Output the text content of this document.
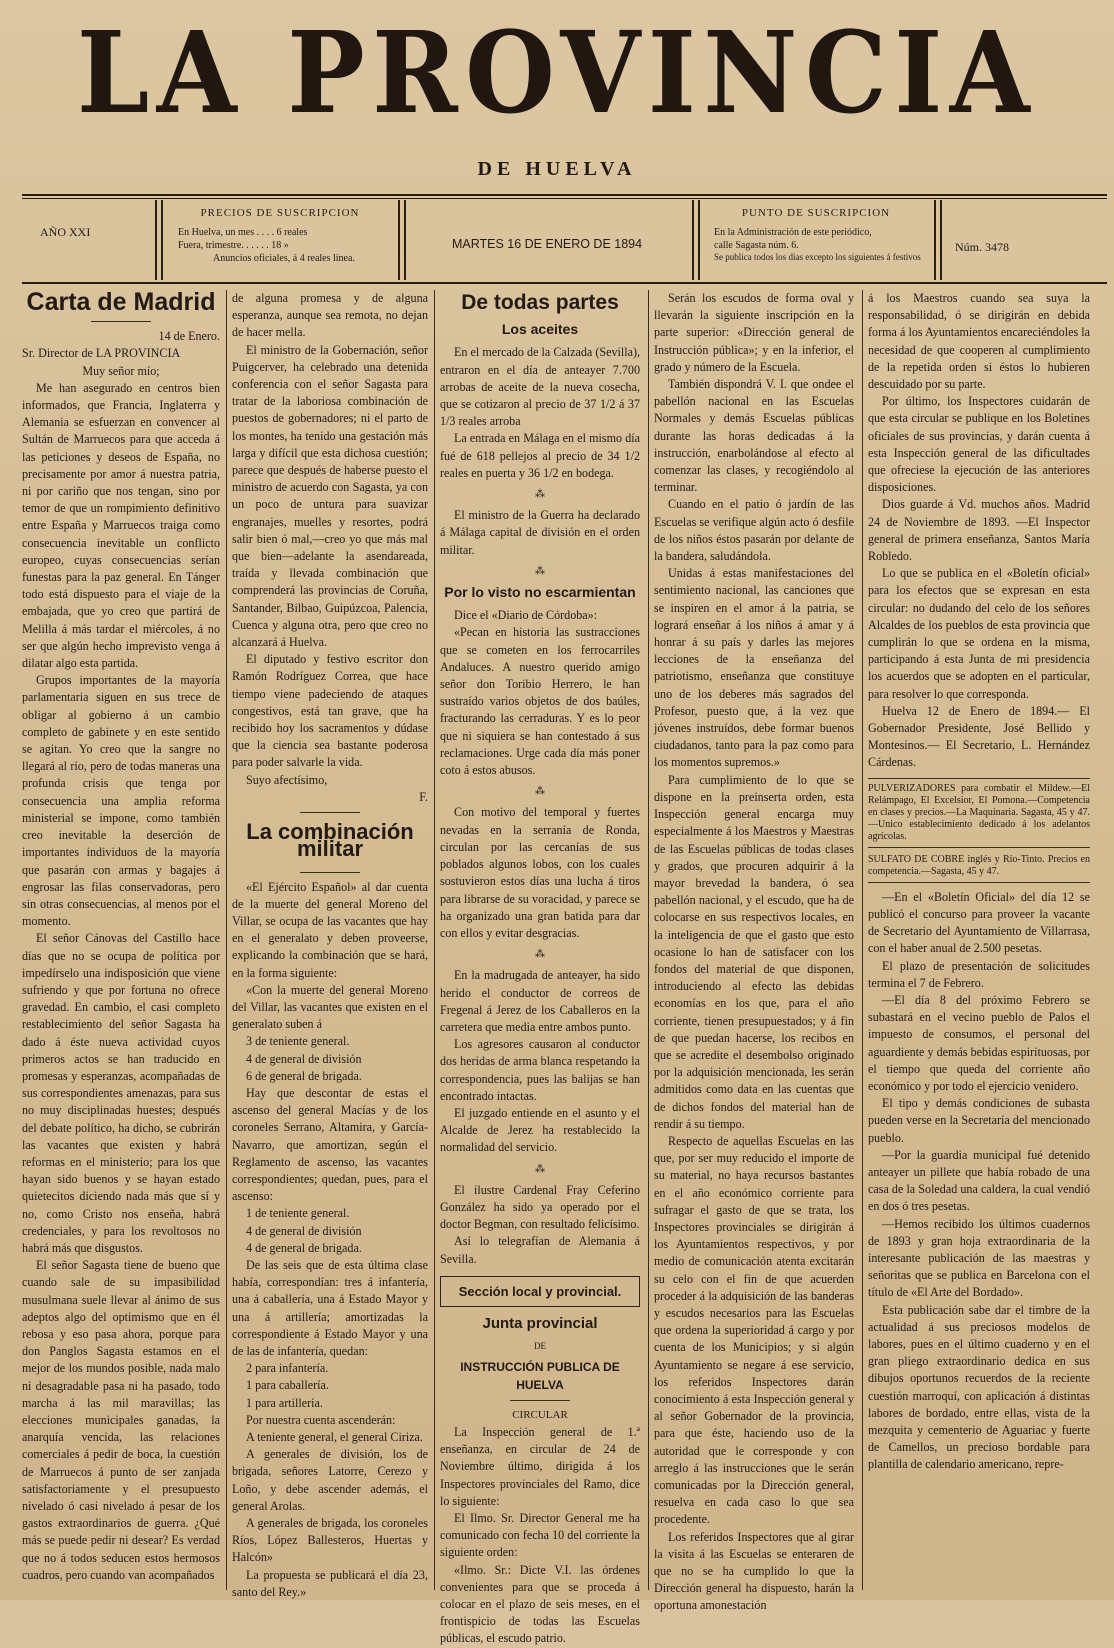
LA PROVINCIA
DE HUELVA
AÑO XXI
PRECIOS DE SUSCRIPCION
En Huelva, un mes . . . . 6 reales
Fuera, trimestre. . . . . . 18 »
Anuncios oficiales, á 4 reales línea.
MARTES 16 DE ENERO DE 1894
PUNTO DE SUSCRIPCION
En la Administración de este periódico,
calle Sagasta núm. 6.
Se publica todos los días excepto los siguientes á festivos
Núm. 3478
Carta de Madrid
14 de Enero.
Sr. Director de LA PROVINCIA
Muy señor mío;

Me han asegurado en centros bien informados, que Francia, Inglaterra y Alemania se esfuerzan en convencer al Sultán de Marruecos para que acceda á las peticiones y deseos de España, no precisamente por amor á nuestra patria, ni por cariño que nos tengan, sino por temor de que un rompimiento definitivo entre España y Marruecos traiga como consecuencia inevitable un conflicto europeo, cuyas consecuencias serían funestas para la paz general. En Tánger todo está dispuesto para el viaje de la embajada, que yo creo que partirá de Melilla á más tardar el miércoles, á no ser que algún hecho imprevisto venga á dilatar algo esta partida.

Grupos importantes de la mayoría parlamentaria siguen en sus trece de obligar al gobierno á un cambio completo de gabinete y en este sentido se agitan. Yo creo que la sangre no llegará al río, pero de todas maneras una profunda crisis que tenga por consecuencia una amplia reforma ministerial se impone, como también creo inevitable la deserción de importantes individuos de la mayoría que pasarán con armas y bagajes á engrosar las filas conservadoras, pero sin otras consecuencias, al menos por el momento.

El señor Cánovas del Castillo hace días que no se ocupa de política por impedírselo una indisposición que viene sufriendo y que por fortuna no ofrece gravedad. En cambio, el casi completo restablecimiento del señor Sagasta ha dado á éste nueva actividad cuyos primeros actos se han traducido en promesas y esperanzas, acompañadas de sus correspondientes amenazas, para sus no muy disciplinadas huestes; después del debate político, ha dicho, se cubrirán las vacantes que existen y habrá reformas en el ministerio; para los que hayan sido buenos y se hayan estado quietecitos diciendo nada más que sí y no, como Cristo nos enseña, habrá credenciales, y para los revoltosos no habrá más que disgustos.

El señor Sagasta tiene de bueno que cuando sale de su impasibilidad musulmana suele llevar al ánimo de sus adeptos algo del optimismo que en él rebosa y eso pasa ahora, porque para don Panglos Sagasta estamos en el mejor de los mundos posible, nada malo ni desagradable pasa ni ha pasado, todo marcha á las mil maravillas; las elecciones municipales ganadas, la anarquía vencida, las relaciones comerciales á pedir de boca, la cuestión de Marruecos á punto de ser zanjada satisfactoriamente y el presupuesto nivelado ó casi nivelado á pesar de los gastos extraordinarios de guerra. ¿Qué más se puede pedir ni desear? Es verdad que no á todos seducen estos hermosos cuadros, pero cuando van acompañados

de alguna promesa y de alguna esperanza, aunque sea remota, no dejan de hacer mella.

El ministro de la Gobernación, señor Puigcerver, ha celebrado una detenida conferencia con el señor Sagasta para tratar de la laboriosa combinación de puestos de gobernadores; ni el parto de los montes, ha tenido una gestación más larga y difícil que esta dichosa cuestión; parece que después de haberse puesto el ministro de acuerdo con Sagasta, ya con un poco de untura para suavizar engranajes, muelles y resortes, podrá salir bien ó mal,—creo yo que más mal que bien—adelante la asendareada, traída y llevada combinación que comprenderá las provincias de Coruña, Santander, Bilbao, Guipúzcoa, Palencia, Cuenca y alguna otra, pero que creo no alcanzará á Huelva.

El diputado y festivo escritor don Ramón Rodríguez Correa, que hace tiempo viene padeciendo de ataques congestivos, está tan grave, que ha recibido hoy los sacramentos y dúdase que la ciencia sea bastante poderosa para poder salvarle la vida.

Suyo afectísimo,

F.
La combinación militar

«El Ejército Español» al dar cuenta de la muerte del general Moreno del Villar, se ocupa de las vacantes que hay en el generalato y deben proveerse, explicando la combinación que se hará, en la forma siguiente:

«Con la muerte del general Moreno del Villar, las vacantes que existen en el generalato suben á

3 de teniente general.

4 de general de división

6 de general de brigada.

Hay que descontar de estas el ascenso del general Macías y de los coroneles Serrano, Altamira, y García-Navarro, que amortizan, según el Reglamento de ascenso, las vacantes correspondientes; quedan, pues, para el ascenso:

1 de teniente general.

4 de general de división

4 de general de brigada.

De las seis que de esta última clase había, correspondían: tres á infantería, una á caballería, una á Estado Mayor y una á artillería; amortizadas la correspondiente á Estado Mayor y una de las de infantería, quedan:

2 para infantería.

1 para caballería.

1 para artillería.

Por nuestra cuenta ascenderán:

A teniente general, el general Ciriza.

A generales de división, los de brigada, señores Latorre, Cerezo y Loño, y debe ascender además, el general Arolas.

A generales de brigada, los coroneles Ríos, López Ballesteros, Huertas y Halcón»

La propuesta se publicará el día 23, santo del Rey.»

De todas partes
Los aceites

En el mercado de la Calzada (Sevilla), entraron en el día de anteayer 7.700 arrobas de aceite de la nueva cosecha, que se cotizaron al precio de 37 1/2 á 37 1/3 reales arroba

La entrada en Málaga en el mismo día fué de 618 pellejos al precio de 34 1/2 reales en puerta y 36 1/2 en bodega.

⁂

El ministro de la Guerra ha declarado á Málaga capital de división en el orden militar.

⁂
Por lo visto no escarmientan

Dice el «Diario de Córdoba»:

«Pecan en historia las sustracciones que se cometen en los ferrocarriles Andaluces. A nuestro querido amigo señor don Toribio Herrero, le han sustraído varios objetos de dos baúles, fracturando las cerraduras. Y es lo peor que ni siquiera se han contestado á sus reclamaciones. Urge cada día más poner coto á estos abusos.

⁂

Con motivo del temporal y fuertes nevadas en la serranía de Ronda, circulan por las cercanías de sus poblados algunos lobos, con los cuales sostuvieron estos días una lucha á tiros para librarse de su voracidad, y parece se ha organizado una gran batida para dar con ellos y evitar desgracias.

⁂

En la madrugada de anteayer, ha sido herido el conductor de correos de Fregenal á Jerez de los Caballeros en la carretera que media entre ambos punto.

Los agresores causaron al conductor dos heridas de arma blanca respetando la correspondencia, pues las balijas se han encontrado intactas.

El juzgado entiende en el asunto y el Alcalde de Jerez ha restablecido la normalidad del servicio.

⁂

El ilustre Cardenal Fray Ceferino González ha sido ya operado por el doctor Begman, con resultado felicísimo.

Así lo telegrafían de Alemania á Sevilla.

Sección local y provincial.
Junta provincial
DE
INSTRUCCIÓN PUBLICA DE HUELVA
CIRCULAR

La Inspección general de 1.ª enseñanza, en circular de 24 de Noviembre último, dirigida á los Inspectores provinciales del Ramo, dice lo siguiente:

El Ilmo. Sr. Director General me ha comunicado con fecha 10 del corriente la siguiente orden:

«Ilmo. Sr.: Dicte V.I. las órdenes convenientes para que se proceda á colocar en el plazo de seis meses, en el frontispicio de todas las Escuelas públicas, el escudo patrio.

Serán los escudos de forma oval y llevarán la siguiente inscripción en la parte superior: «Dirección general de Instrucción pública»; y en la inferior, el grado y número de la Escuela.

También dispondrá V. I. que ondee el pabellón nacional en las Escuelas Normales y demás Escuelas públicas durante las horas dedicadas á la instrucción, enarbolándose al efecto al comenzar las clases, y recogiéndolo al terminar.

Cuando en el patio ó jardín de las Escuelas se verifique algún acto ó desfile de los niños éstos pasarán por delante de la bandera, saludándola.

Unidas á estas manifestaciones del sentimiento nacional, las canciones que se inspiren en el amor á la patria, se logrará enseñar á los niños á amar y á honrar á su país y darles las mejores lecciones de la enseñanza del patriotismo, enseñanza que constituye uno de los deberes más sagrados del Profesor, puesto que, á la vez que jóvenes instruídos, debe formar buenos ciudadanos, tanto para la paz como para los momentos supremos.»

Para cumplimiento de lo que se dispone en la preinserta orden, esta Inspección general encarga muy especialmente á los Maestros y Maestras de las Escuelas públicas de todas clases y grados, que procuren adquirir á la mayor brevedad la bandera, ó sea pabellón nacional, y el escudo, que ha de colocarse en sus respectivos locales, en la inteligencia de que el gasto que esto ocasione lo han de satisfacer con los fondos del material de que disponen, introduciendo al efecto las debidas economías en los que, para el año corriente, tienen presupuestados; y á fin de que puedan hacerse, los recibos en que se acredite el desembolso originado por la adquisición mencionada, les serán admitidos como data en las cuentas que de dichos fondos del material han de rendir á su tiempo.

Respecto de aquellas Escuelas en las que, por ser muy reducido el importe de su material, no haya recursos bastantes en el año económico corriente para sufragar el gasto de que se trata, los Inspectores provinciales se dirigirán á los Ayuntamientos respectivos, y por medio de comunicación atenta excitarán su celo con el fin de que acuerden proceder á la adquisición de las banderas y escudos necesarios para las Escuelas que ordena la superioridad á cargo y por cuenta de los Municipios; y si algún Ayuntamiento se negare á ese servicio, los referidos Inspectores darán conocimiento á esta Inspección general y al señor Gobernador de la provincia, para que éste, haciendo uso de la autoridad que le corresponde y con arreglo á las instrucciones que le serán comunicadas por la Dirección general, resuelva en cada caso lo que sea procedente.

Los referidos Inspectores que al girar la visita á las Escuelas se enteraren de que no se ha cumplido lo que la Dirección general ha dispuesto, harán la oportuna amonestación

á los Maestros cuando sea suya la responsabilidad, ó se dirigirán en debida forma á los Ayuntamientos encareciéndoles la necesidad de que cooperen al cumplimiento de la repetida orden si éstos lo hubieren descuidado por su parte.

Por último, los Inspectores cuidarán de que esta circular se publique en los Boletines oficiales de sus provincias, y darán cuenta á esta Inspección general de las dificultades que ofreciese la ejecución de las anteriores disposiciones.

Dios guarde á Vd. muchos años. Madrid 24 de Noviembre de 1893. —El Inspector general de primera enseñanza, Santos María Robledo.

Lo que se publica en el «Boletín oficial» para los efectos que se expresan en esta circular: no dudando del celo de los señores Alcaldes de los pueblos de esta provincia que cumplirán lo que se ordena en la misma, participando á esta Junta de mi presidencia los acuerdos que se adopten en el particular, para resolver lo que corresponda.

Huelva 12 de Enero de 1894.— El Gobernador Presidente, José Bellido y Montesinos.— El Secretario, L. Hernández Cárdenas.

PULVERIZADORES para combatir el Mildew.—El Relámpago, El Excelsior, El Pomona.—Competencia en clases y precios.—La Maquinaria. Sagasta, 45 y 47.—Unico establecimiento dedicado á los adelantos agrícolas.
SULFATO DE COBRE inglés y Río-Tinto. Precios en competencia.—Sagasta, 45 y 47.

—En el «Boletín Oficial» del día 12 se publicó el concurso para proveer la vacante de Secretario del Ayuntamiento de Villarrasa, con el haber anual de 2.500 pesetas.

El plazo de presentación de solicitudes termina el 7 de Febrero.

—El día 8 del próximo Febrero se subastará en el vecino pueblo de Palos el impuesto de consumos, el personal del aguardiente y demás bebidas espirituosas, por el tiempo que queda del corriente año económico y por todo el ejercicio venidero.

El tipo y demás condiciones de subasta pueden verse en la Secretaría del mencionado pueblo.

—Por la guardia municipal fué detenido anteayer un pillete que había robado de una casa de la Soledad una caldera, la cual vendió en dos ó tres pesetas.

—Hemos recibido los últimos cuadernos de 1893 y gran hoja extraordinaria de la interesante publicación de las maestras y señoritas que se publica en Barcelona con el título de «El Arte del Bordado».

Esta publicación sabe dar el timbre de la actualidad á sus preciosos modelos de labores, pues en el último cuaderno y en el gran pliego extraordinario dedica en sus dibujos oportunos recuerdos de la reciente cuestión marroquí, con aplicación á distintas labores de bordado, entre ellas, vista de la mezquita y cementerio de Aguariac y fuerte de Camellos, un precioso bordable para plantilla de calendario americano, repre-
